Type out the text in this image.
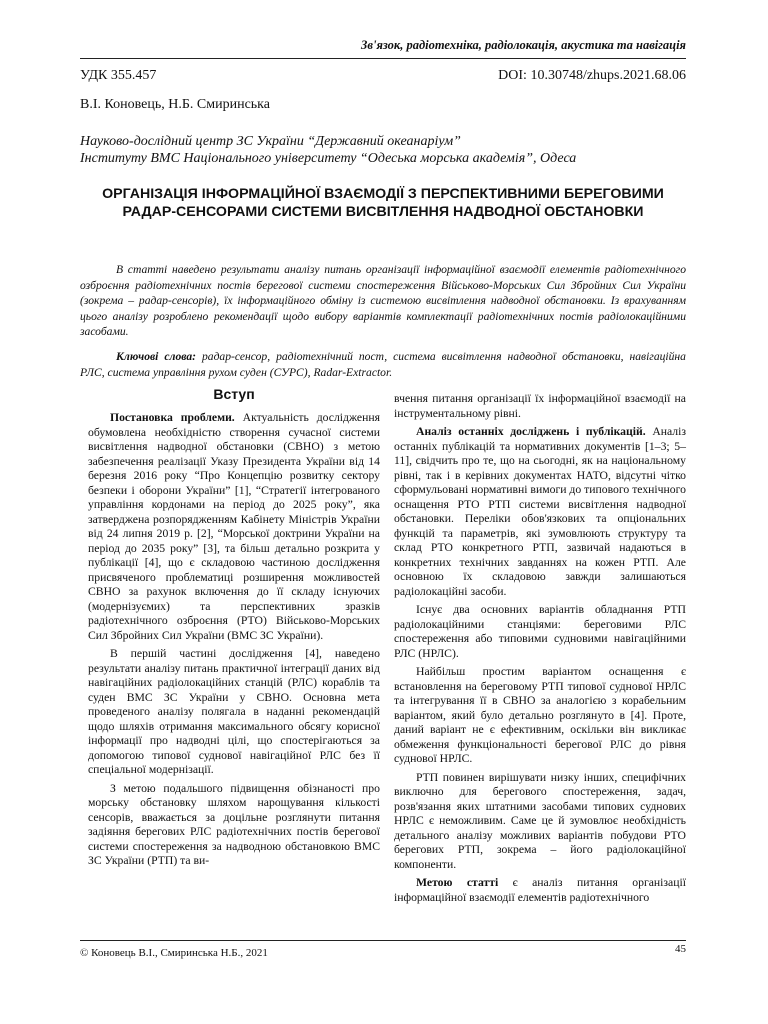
Зв'язок, радіотехніка, радіолокація, акустика та навігація
УДК 355.457	DOI: 10.30748/zhups.2021.68.06
В.І. Коновець, Н.Б. Смиринська
Науково-дослідний центр ЗС України “Державний океанаріум”
Інституту ВМС Національного університету “Одеська морська академія”, Одеса
ОРГАНІЗАЦІЯ ІНФОРМАЦІЙНОЇ ВЗАЄМОДІЇ З ПЕРСПЕКТИВНИМИ БЕРЕГОВИМИ РАДАР-СЕНСОРАМИ СИСТЕМИ ВИСВІТЛЕННЯ НАДВОДНОЇ ОБСТАНОВКИ
В статті наведено результати аналізу питань організації інформаційної взаємодії елементів радіотехнічного озброєння радіотехнічних постів берегової системи спостереження Військово-Морських Сил Збройних Сил України (зокрема – радар-сенсорів), їх інформаційного обміну із системою висвітлення надводної обстановки. Із врахуванням цього аналізу розроблено рекомендації щодо вибору варіантів комплектації радіотехнічних постів радіолокаційними засобами.
Ключові слова: радар-сенсор, радіотехнічний пост, система висвітлення надводної обстановки, навігаційна РЛС, система управління рухом суден (СУРС), Radar-Extractor.
Вступ

Постановка проблеми. Актуальність дослідження обумовлена необхідністю створення сучасної системи висвітлення надводної обстановки (СВНО) з метою забезпечення реалізації Указу Президента України від 14 березня 2016 року “Про Концепцію розвитку сектору безпеки і оборони України” [1], “Стратегії інтегрованого управління кордонами на період до 2025 року”, яка затверджена розпорядженням Кабінету Міністрів України від 24 липня 2019 р. [2], “Морської доктрини України на період до 2035 року” [3], та більш детально розкрита у публікації [4], що є складовою частиною дослідження присвяченого проблематиці розширення можливостей СВНО за рахунок включення до її складу існуючих (модернізуємих) та перспективних зразків радіотехнічного озброєння (РТО) Військово-Морських Сил Збройних Сил України (ВМС ЗС України).

В першій частині дослідження [4], наведено результати аналізу питань практичної інтеграції даних від навігаційних радіолокаційних станцій (РЛС) кораблів та суден ВМС ЗС України у СВНО. Основна мета проведеного аналізу полягала в наданні рекомендацій щодо шляхів отримання максимального обсягу корисної інформації про надводні цілі, що спостерігаються за допомогою типової суднової навігаційної РЛС без її спеціальної модернізації.

З метою подальшого підвищення обізнаності про морську обстановку шляхом нарощування кількості сенсорів, вважається за доцільне розглянути питання задіяння берегових РЛС радіотехнічних постів берегової системи спостереження за надводною обстановкою ВМС ЗС України (РТП) та ви-

вчення питання організації їх інформаційної взаємодії на інструментальному рівні.

Аналіз останніх досліджень і публікацій. Аналіз останніх публікацій та нормативних документів [1–3; 5–11], свідчить про те, що на сьогодні, як на національному рівні, так і в керівних документах НАТО, відсутні чітко сформульовані нормативні вимоги до типового технічного оснащення РТО РТП системи висвітлення надводної обстановки. Переліки обов'язкових та опціональних функцій та параметрів, які зумовлюють структуру та склад РТО конкретного РТП, зазвичай надаються в конкретних технічних завданнях на кожен РТП. Але основною їх складовою завжди залишаються радіолокаційні засоби.

Існує два основних варіантів обладнання РТП радіолокаційними станціями: береговими РЛС спостереження або типовими судновими навігаційними РЛС (НРЛС).

Найбільш простим варіантом оснащення є встановлення на береговому РТП типової суднової НРЛС та інтегрування її в СВНО за аналогією з корабельним варіантом, який було детально розглянуто в [4]. Проте, даний варіант не є ефективним, оскільки він викликає обмеження функціональності берегової РЛС до рівня суднової НРЛС.

РТП повинен вирішувати низку інших, специфічних виключно для берегового спостереження, задач, розв'язання яких штатними засобами типових суднових НРЛС є неможливим. Саме це й зумовлює необхідність детального аналізу можливих варіантів побудови РТО берегових РТП, зокрема – його радіолокаційної компоненти.

Метою статті є аналіз питання організації інформаційної взаємодії елементів радіотехнічного

© Коновець В.І., Смиринська Н.Б., 2021	45
